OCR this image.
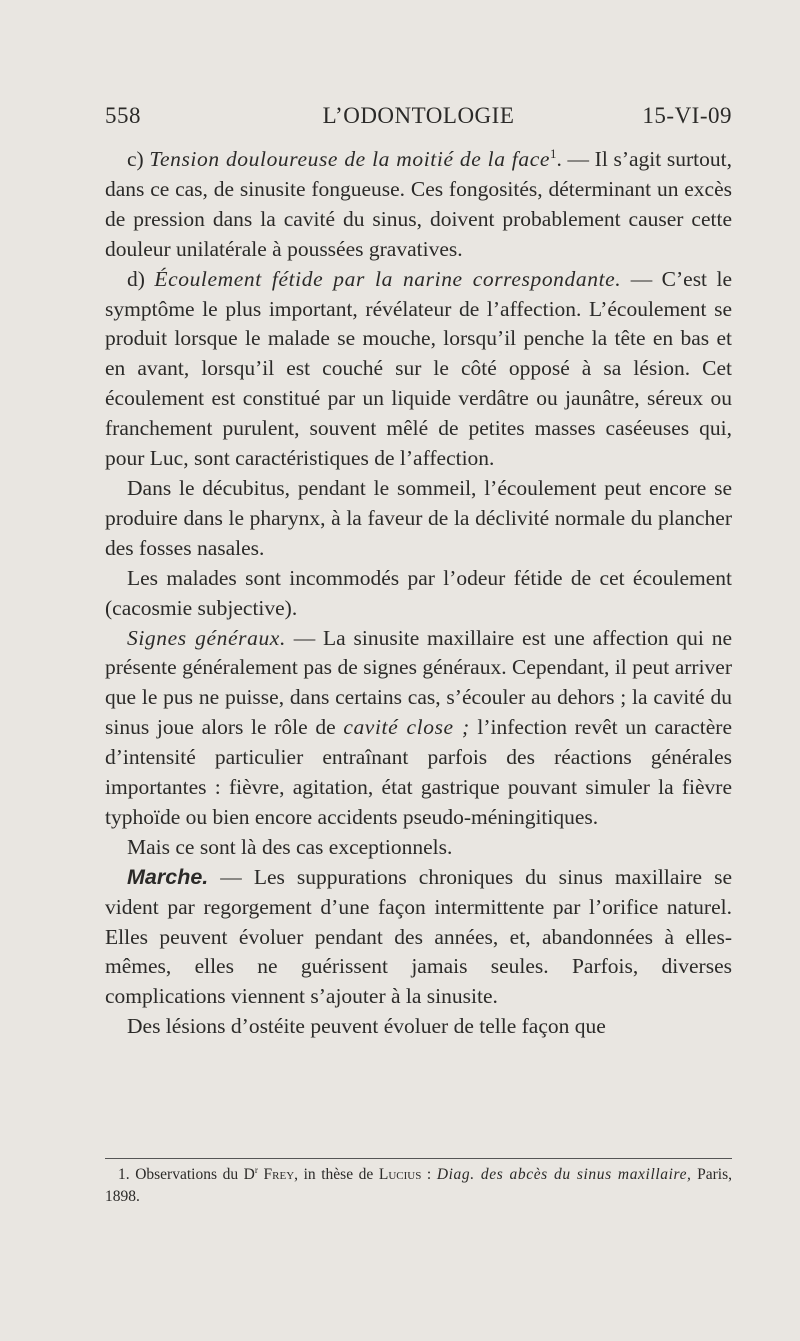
558	L’ODONTOLOGIE	15-VI-09

c) Tension douloureuse de la moitié de la face$^1$. — Il s’agit surtout, dans ce cas, de sinusite fongueuse. Ces fongosités, déterminant un excès de pression dans la cavité du sinus, doivent probablement causer cette douleur unilatérale à poussées gravatives.

d) Écoulement fétide par la narine correspondante. — C’est le symptôme le plus important, révélateur de l’affection. L’écoulement se produit lorsque le malade se mouche, lorsqu’il penche la tête en bas et en avant, lorsqu’il est couché sur le côté opposé à sa lésion. Cet écoulement est constitué par un liquide verdâtre ou jaunâtre, séreux ou franchement purulent, souvent mêlé de petites masses caséeuses qui, pour Luc, sont caractéristiques de l’affection.

Dans le décubitus, pendant le sommeil, l’écoulement peut encore se produire dans le pharynx, à la faveur de la déclivité normale du plancher des fosses nasales.

Les malades sont incommodés par l’odeur fétide de cet écoulement (cacosmie subjective).

Signes généraux. — La sinusite maxillaire est une affection qui ne présente généralement pas de signes généraux. Cependant, il peut arriver que le pus ne puisse, dans certains cas, s’écouler au dehors ; la cavité du sinus joue alors le rôle de cavité close ; l’infection revêt un caractère d’intensité particulier entraînant parfois des réactions générales importantes : fièvre, agitation, état gastrique pouvant simuler la fièvre typhoïde ou bien encore accidents pseudo-méningitiques.

Mais ce sont là des cas exceptionnels.

Marche. — Les suppurations chroniques du sinus maxillaire se vident par regorgement d’une façon intermittente par l’orifice naturel. Elles peuvent évoluer pendant des années, et, abandonnées à elles-mêmes, elles ne guérissent jamais seules. Parfois, diverses complications viennent s’ajouter à la sinusite.

Des lésions d’ostéite peuvent évoluer de telle façon que

1. Observations du $D^r$ Frey, in thèse de Lucius : Diag. des abcès du sinus maxillaire, Paris, 1898.
